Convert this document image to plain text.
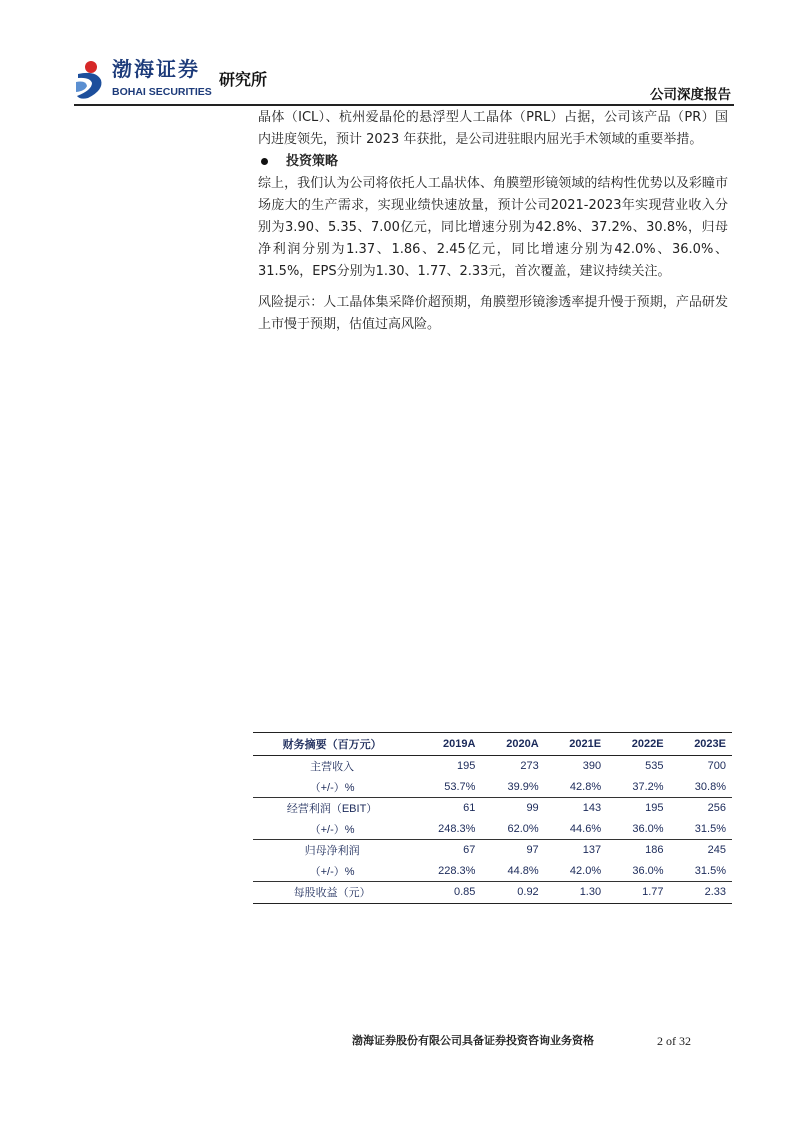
渤海证券
BOHAI SECURITIES
研究所
公司深度报告

晶体（ICL）、杭州爱晶伦的悬浮型人工晶体（PRL）占据，公司该产品（PR）国内进度领先，预计 2023 年获批，是公司进驻眼内屈光手术领域的重要举措。

投资策略

综上，我们认为公司将依托人工晶状体、角膜塑形镜领域的结构性优势以及彩瞳市场庞大的生产需求，实现业绩快速放量，预计公司2021-2023年实现营业收入分别为3.90、5.35、7.00亿元，同比增速分别为42.8%、37.2%、30.8%，归母净利润分别为1.37、1.86、2.45亿元，同比增速分别为42.0%、36.0%、31.5%，EPS分别为1.30、1.77、2.33元，首次覆盖，建议持续关注。

风险提示：人工晶体集采降价超预期，角膜塑形镜渗透率提升慢于预期，产品研发上市慢于预期，估值过高风险。

财务摘要（百万元）	2019A	2020A	2021E	2022E	2023E
主营收入	195	273	390	535	700
（+/-）%	53.7%	39.9%	42.8%	37.2%	30.8%
经营利润（EBIT）	61	99	143	195	256
（+/-）%	248.3%	62.0%	44.6%	36.0%	31.5%
归母净利润	67	97	137	186	245
（+/-）%	228.3%	44.8%	42.0%	36.0%	31.5%
每股收益（元）	0.85	0.92	1.30	1.77	2.33
渤海证券股份有限公司具备证券投资咨询业务资格	2 of 32
